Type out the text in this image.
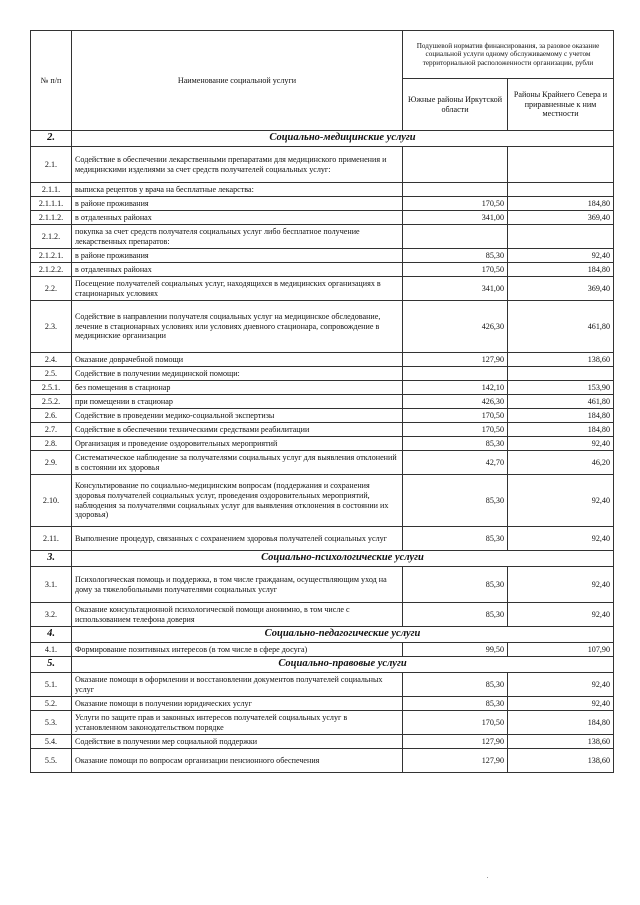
№ п/п	Наименование социальной услуги	Подушевой норматив финансирования, за разовое оказание социальной услуги одному обслуживаемому с учетом территориальной расположенности организации, рубли	
		Южные районы Иркутской области	Районы Крайнего Севера и приравненные к ним местности
2.	Социально-медицинские услуги		
2.1.	Содействие в обеспечении лекарственными препаратами для медицинского применения и медицинскими изделиями за счет средств получателей социальных услуг:		
2.1.1.	выписка рецептов у врача на бесплатные лекарства:		
2.1.1.1.	в районе проживания	170,50	184,80
2.1.1.2.	в отдаленных районах	341,00	369,40
2.1.2.	покупка за счет средств получателя социальных услуг либо бесплатное получение лекарственных препаратов:		
2.1.2.1.	в районе проживания	85,30	92,40
2.1.2.2.	в отдаленных районах	170,50	184,80
2.2.	Посещение получателей социальных услуг, находящихся в медицинских организациях в стационарных условиях	341,00	369,40
2.3.	Содействие в направлении получателя социальных услуг на медицинское обследование, лечение в стационарных условиях или условиях дневного стационара, сопровождение в медицинские организации	426,30	461,80
2.4.	Оказание доврачебной помощи	127,90	138,60
2.5.	Содействие в получении медицинской помощи:		
2.5.1.	без помещения в стационар	142,10	153,90
2.5.2.	при помещении в стационар	426,30	461,80
2.6.	Содействие в проведении медико-социальной экспертизы	170,50	184,80
2.7.	Содействие в обеспечении техническими средствами реабилитации	170,50	184,80
2.8.	Организация и проведение оздоровительных мероприятий	85,30	92,40
2.9.	Систематическое наблюдение за получателями социальных услуг для выявления отклонений в состоянии их здоровья	42,70	46,20
2.10.	Консультирование по социально-медицинским вопросам (поддержания и сохранения здоровья получателей социальных услуг, проведения оздоровительных мероприятий, наблюдения за получателями социальных услуг для выявления отклонения в состоянии их здоровья)	85,30	92,40
2.11.	Выполнение процедур, связанных с сохранением здоровья получателей социальных услуг	85,30	92,40
3.	Социально-психологические услуги		
3.1.	Психологическая помощь и поддержка, в том числе гражданам, осуществляющим уход на дому за тяжелобольными получателями социальных услуг	85,30	92,40
3.2.	Оказание консультационной психологической помощи анонимно, в том числе с использованием телефона доверия	85,30	92,40
4.	Социально-педагогические услуги		
4.1.	Формирование позитивных интересов (в том числе в сфере досуга)	99,50	107,90
5.	Социально-правовые услуги		
5.1.	Оказание помощи в оформлении и восстановлении документов получателей социальных услуг	85,30	92,40
5.2.	Оказание помощи в получении юридических услуг	85,30	92,40
5.3.	Услуги по защите прав и законных интересов получателей социальных услуг в установленном законодательством порядке	170,50	184,80
5.4.	Содействие в получении мер социальной поддержки	127,90	138,60
5.5.	Оказание помощи по вопросам организации пенсионного обеспечения	127,90	138,60
